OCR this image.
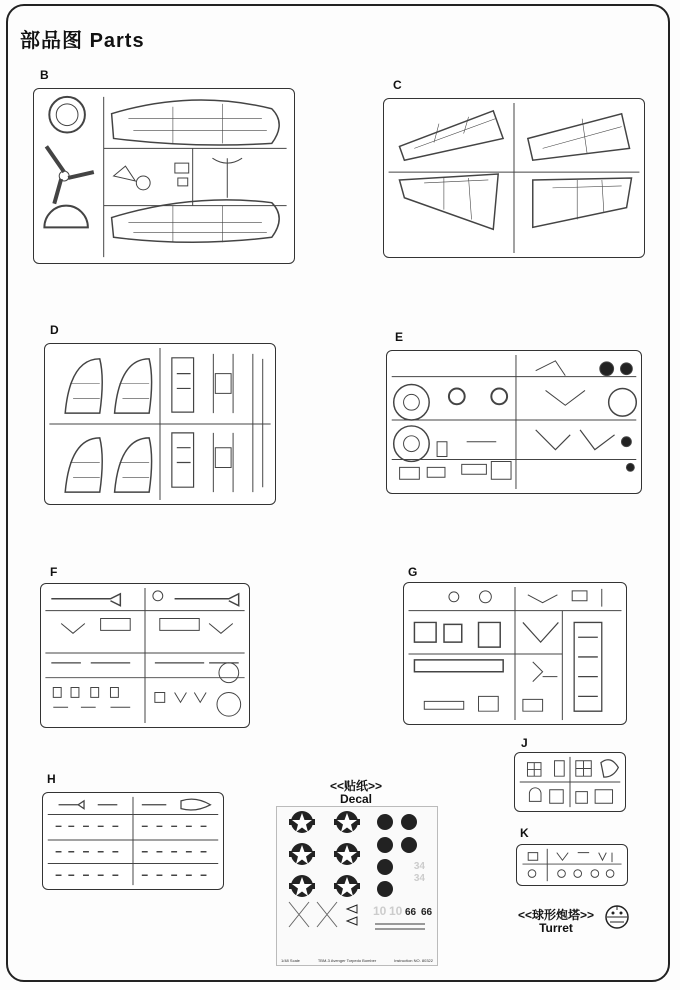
部品图 Parts
B
C
D	E
F	G
H	<<贴纸>>
Decal
34
34
10 10 66 66
1/48 Scale	TBM-3 Avenger Torpedo Bomber	Instruction NO. 80322
J
K
<<球形炮塔>>
Turret
